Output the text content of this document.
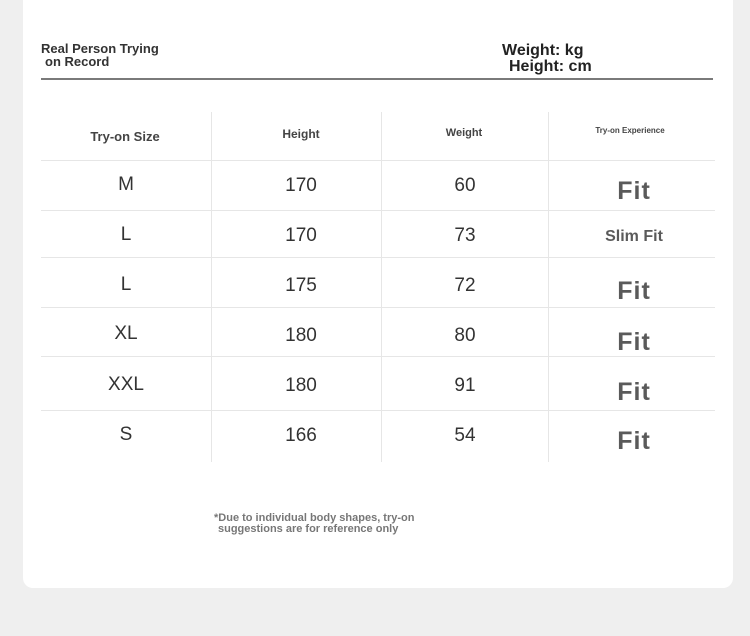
Real Person Trying
on Record
Weight: kg
Height: cm
Try-on Size	Height	Weight	Try-on Experience
M	170	60	Fit
L	170	73	Slim Fit
L	175	72	Fit
XL	180	80	Fit
XXL	180	91	Fit
S	166	54	Fit
*Due to individual body shapes, try-on
suggestions are for reference only
